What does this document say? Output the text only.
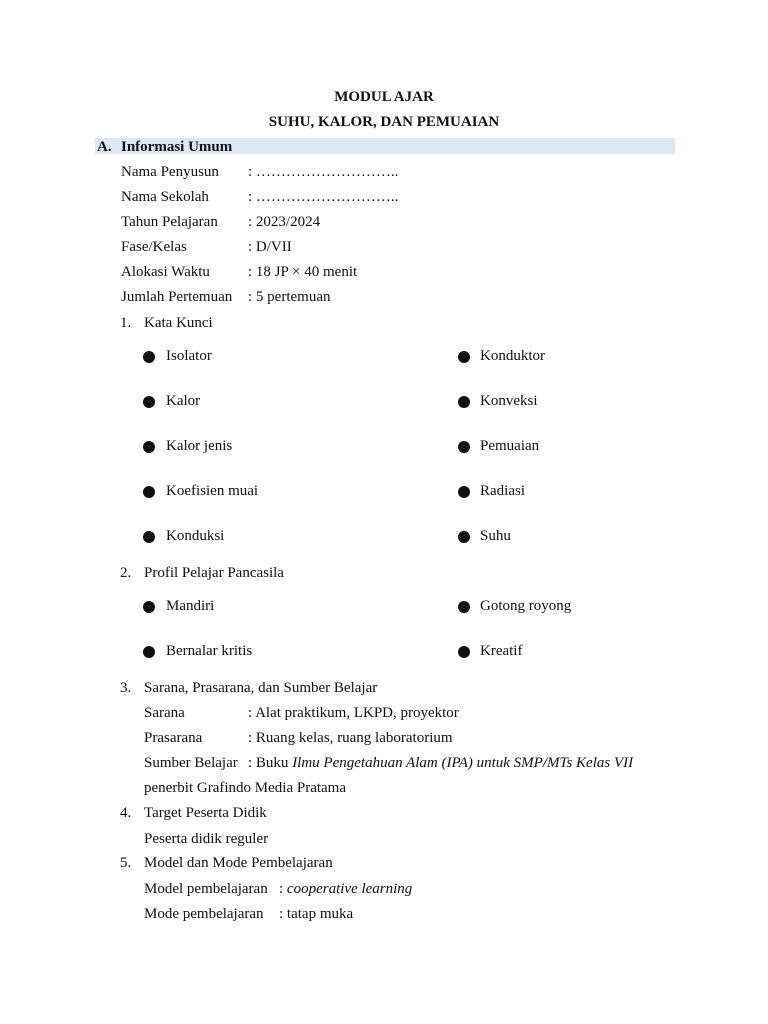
MODUL AJAR
SUHU, KALOR, DAN PEMUAIAN
A. Informasi Umum
Nama Penyusun : ………………………..
Nama Sekolah	: ………………………..
Tahun Pelajaran : 2023/2024
Fase/Kelas	: D/VII
Alokasi Waktu	: 18 JP × 40 menit
Jumlah Pertemuan : 5 pertemuan
1. Kata Kunci
Isolator	Konduktor
Kalor	Konveksi
Kalor jenis	Pemuaian
Koefisien muai	Radiasi
Konduksi	Suhu
2. Profil Pelajar Pancasila
Mandiri	Gotong royong
Bernalar kritis	Kreatif
3. Sarana, Prasarana, dan Sumber Belajar
Sarana	: Alat praktikum, LKPD, proyektor
Prasarana	: Ruang kelas, ruang laboratorium
Sumber Belajar : Buku Ilmu Pengetahuan Alam (IPA) untuk SMP/MTs Kelas VII
penerbit Grafindo Media Pratama
4. Target Peserta Didik
Peserta didik reguler
5. Model dan Mode Pembelajaran
Model pembelajaran : cooperative learning
Mode pembelajaran : tatap muka
